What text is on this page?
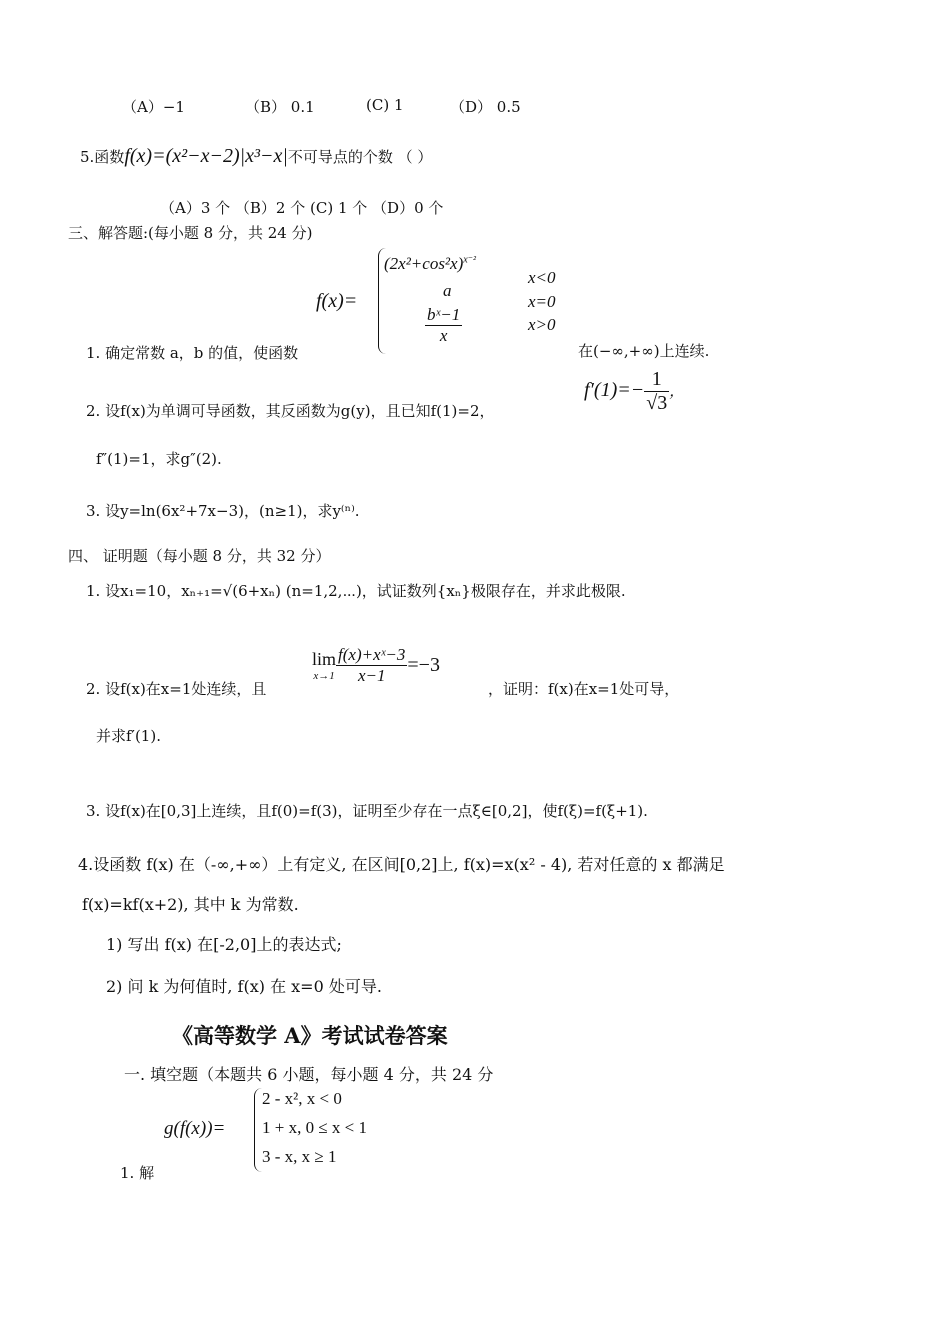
（A）−1	（B） 0.1	(C) 1	（D） 0.5
5.函数f(x)=(x²−x−2)|x³−x|不可导点的个数 （ ）
（A）3 个 （B）2 个 (C) 1 个 （D）0 个
三、解答题:(每小题 8 分，共 24 分)
f(x)=
$(2x^2+\cos^2x)^{x^{-2}}$
x<0
a
x=0
$\frac{\text{bˣ−1}}{x}$	x>0
1. 确定常数 a，b 的值，使函数	在(−∞,+∞)上连续.
2. 设f(x)为单调可导函数，其反函数为g(y)，且已知f(1)=2，
$f'(1)=- \frac{1}{√3}$ ，
f″(1)=1，求g″(2).
3. 设y=ln(6x²+7x−3)，(n≥1)，求y⁽ⁿ⁾.
四、 证明题（每小题 8 分，共 32 分）
1. 设x₁=10，xₙ₊₁=√(6+xₙ) (n=1,2,⋯)，试证数列{xₙ}极限存在，并求此极限.
2. 设f(x)在x=1处连续，且
lim
$x\to 1 \frac{\text{f(x)+xˣ−3}}{x-1} =-3$
，证明：f(x)在x=1处可导，
并求f′(1).
3. 设f(x)在[0,3]上连续，且f(0)=f(3)，证明至少存在一点ξ∈[0,2]，使f(ξ)=f(ξ+1).
4.设函数 f(x) 在（-∞,+∞）上有定义, 在区间[0,2]上, f(x)=x(x² - 4), 若对任意的 x 都满足
f(x)=kf(x+2), 其中 k 为常数.
1) 写出 f(x) 在[-2,0]上的表达式;
2) 问 k 为何值时, f(x) 在 x=0 处可导.
《高等数学 A》考试试卷答案
一. 填空题（本题共 6 小题，每小题 4 分，共 24 分
g(f(x))=
2 - x², x < 0
1 + x, 0 ≤ x < 1
3 - x, x ≥ 1
1. 解
